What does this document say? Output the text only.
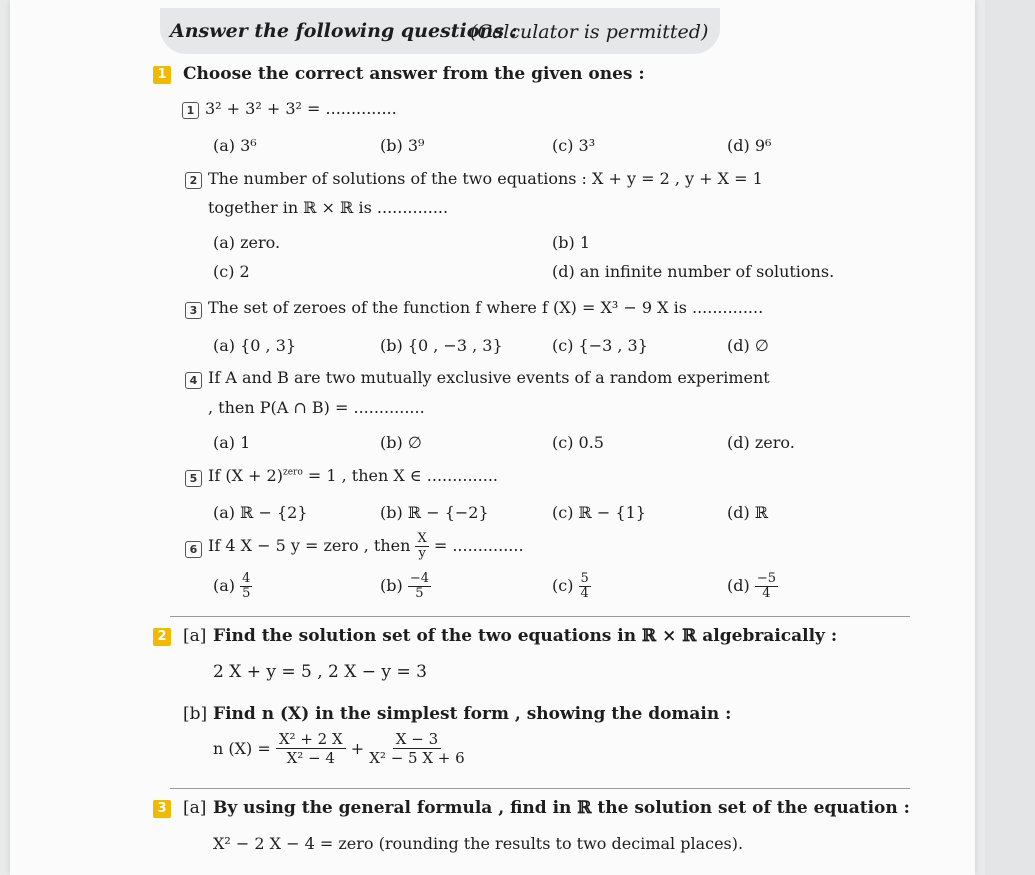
Answer the following questions :
(Calculator is permitted)
1 Choose the correct answer from the given ones :
1 3² + 3² + 3² = ..............
(a) 3⁶	(b) 3⁹	(c) 3³	(d) 9⁶
2 The number of solutions of the two equations : X + y = 2 , y + X = 1
together in ℝ × ℝ is ..............
(a) zero.	(b) 1
(c) 2	(d) an infinite number of solutions.
3 The set of zeroes of the function f where f (X) = X³ − 9 X is ..............
(a) {0 , 3}	(b) {0 , −3 , 3}	(c) {−3 , 3}	(d) ∅
4 If A and B are two mutually exclusive events of a random experiment
, then P(A ∩ B) = ..............
(a) 1	(b) ∅	(c) 0.5	(d) zero.
5 If $(X + 2)^{zero} = 1$ , then X ∈ ..............
(a) ℝ − {2}	(b) ℝ − {−2}	(c) ℝ − {1}	(d) ℝ
6 If 4 X − 5 y = zero , then $\frac{X}{y}$ = ..............
$(a) \frac{4}{5}$	$(b) \frac{-4}{5}$	$(c) \frac{5}{4}$	$(d) \frac{-5}{4}$
2 [a] Find the solution set of the two equations in ℝ × ℝ algebraically :
2 X + y = 5 , 2 X − y = 3
[b] Find n (X) in the simplest form , showing the domain :
n $(X) = \frac{\text{X² + 2 X}}{\text{X² − 4}} + \frac{X - 3}{\text{X² − 5 X + 6}}$
3 [a] By using the general formula , find in ℝ the solution set of the equation :
X² − 2 X − 4 = zero (rounding the results to two decimal places).
